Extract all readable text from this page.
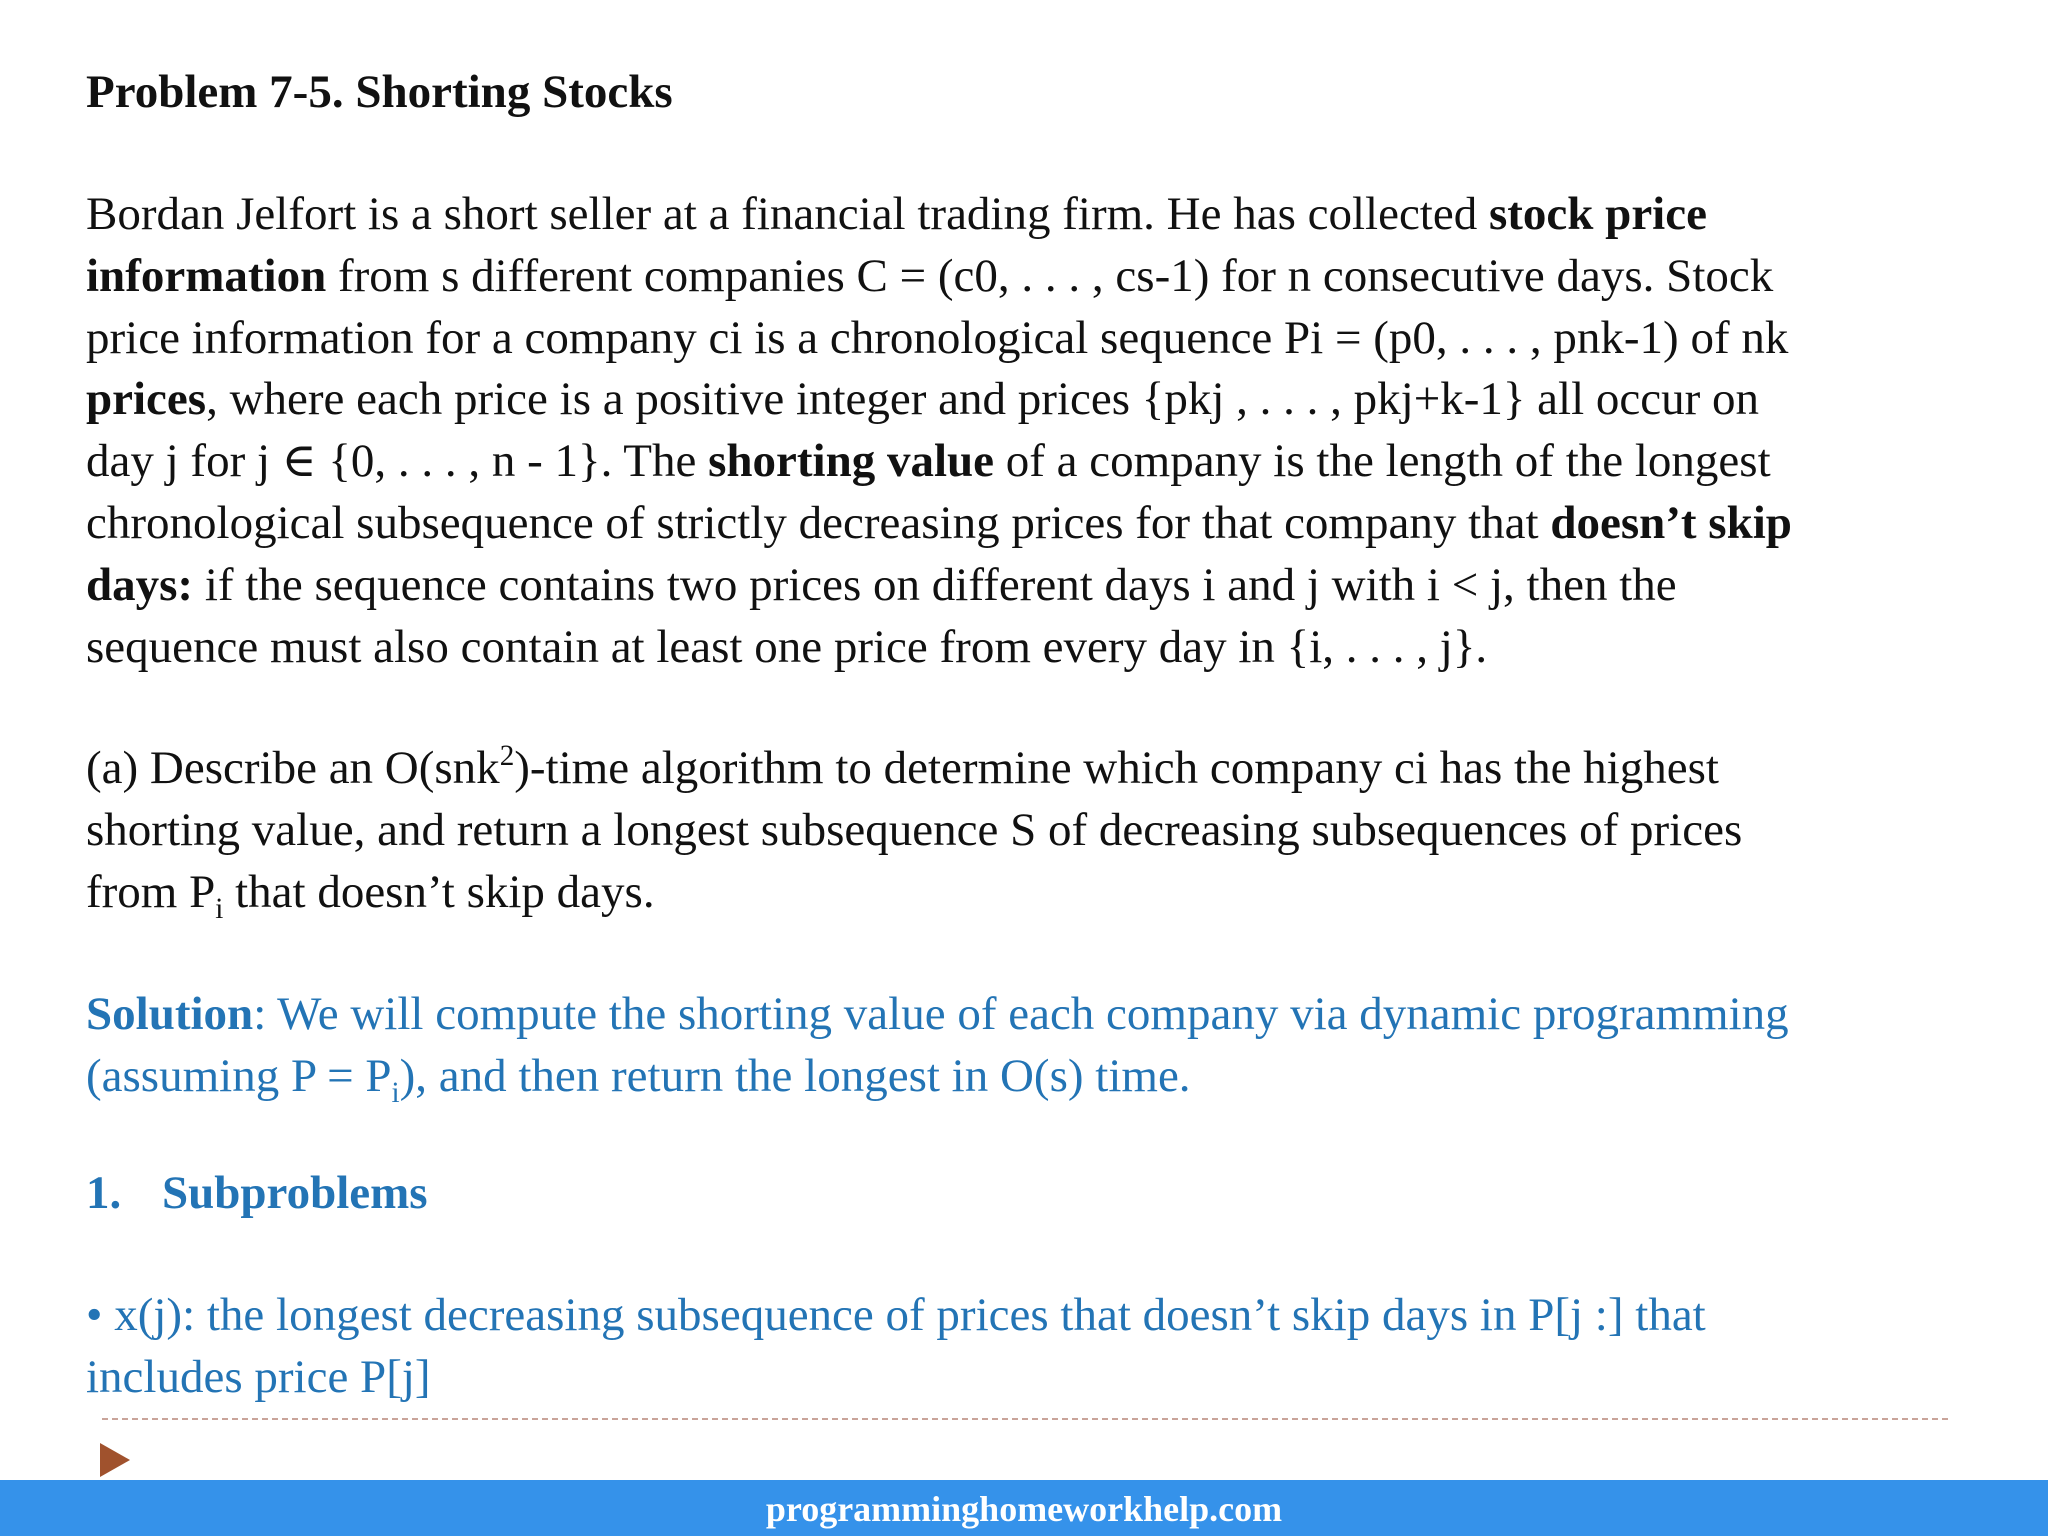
Problem 7-5. Shorting Stocks
Bordan Jelfort is a short seller at a financial trading firm. He has collected stock price
information from s different companies C = (c0, . . . , cs-1) for n consecutive days. Stock
price information for a company ci is a chronological sequence Pi = (p0, . . . , pnk-1) of nk
prices, where each price is a positive integer and prices {pkj , . . . , pkj+k-1} all occur on
day j for j ∈ {0, . . . , n - 1}. The shorting value of a company is the length of the longest
chronological subsequence of strictly decreasing prices for that company that doesn’t skip
days: if the sequence contains two prices on different days i and j with i < j, then the
sequence must also contain at least one price from every day in {i, . . . , j}.
(a) Describe an O(snk$^2$)-time algorithm to determine which company ci has the highest
shorting value, and return a longest subsequence S of decreasing subsequences of prices
from $P_i$ that doesn’t skip days.
Solution: We will compute the shorting value of each company via dynamic programming
(assuming $P = P_i$), and then return the longest in O(s) time.
1. Subproblems
• x(j): the longest decreasing subsequence of prices that doesn’t skip days in P[j :] that
includes price P[j]
programminghomeworkhelp.com
